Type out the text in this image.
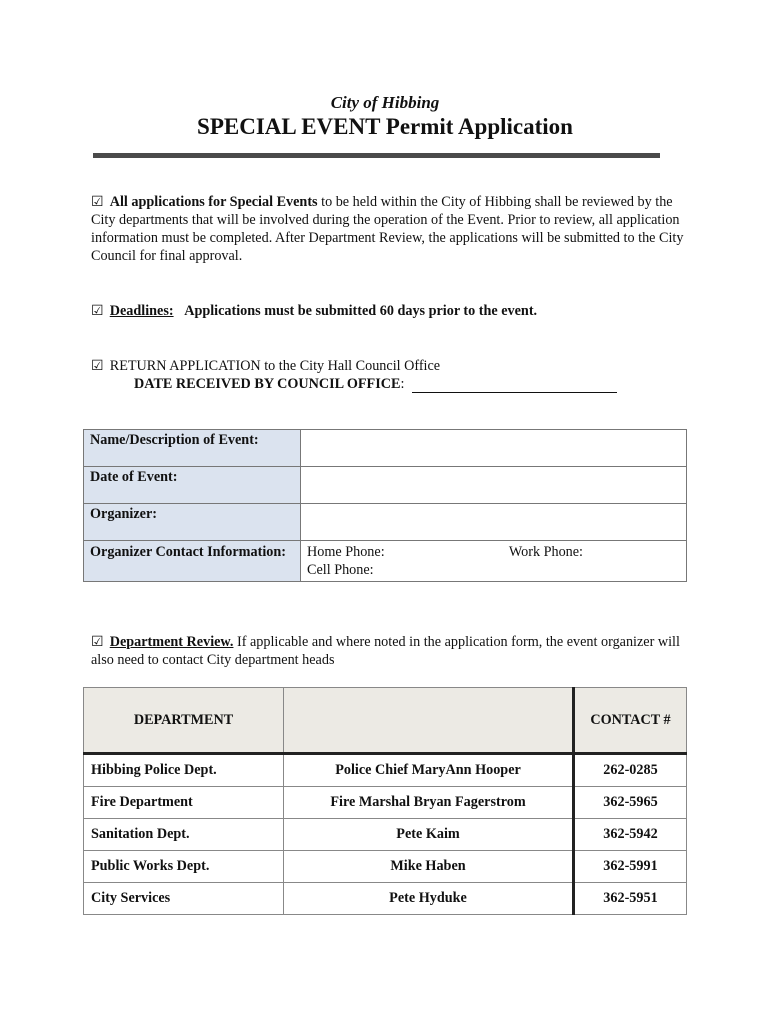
City of Hibbing
SPECIAL EVENT Permit Application
☑ All applications for Special Events to be held within the City of Hibbing shall be reviewed by the City departments that will be involved during the operation of the Event. Prior to review, all application information must be completed. After Department Review, the applications will be submitted to the City Council for final approval.
☑ Deadlines: Applications must be submitted 60 days prior to the event.
☑ RETURN APPLICATION to the City Hall Council Office
DATE RECEIVED BY COUNCIL OFFICE:
Name/Description of Event:	
Date of Event:	
Organizer:	
Organizer Contact Information:	Home Phone: Work Phone:
Cell Phone:
☑ Department Review. If applicable and where noted in the application form, the event organizer will also need to contact City department heads
DEPARTMENT		CONTACT #
Hibbing Police Dept.	Police Chief MaryAnn Hooper	262-0285
Fire Department	Fire Marshal Bryan Fagerstrom	362-5965
Sanitation Dept.	Pete Kaim	362-5942
Public Works Dept.	Mike Haben	362-5991
City Services	Pete Hyduke	362-5951
